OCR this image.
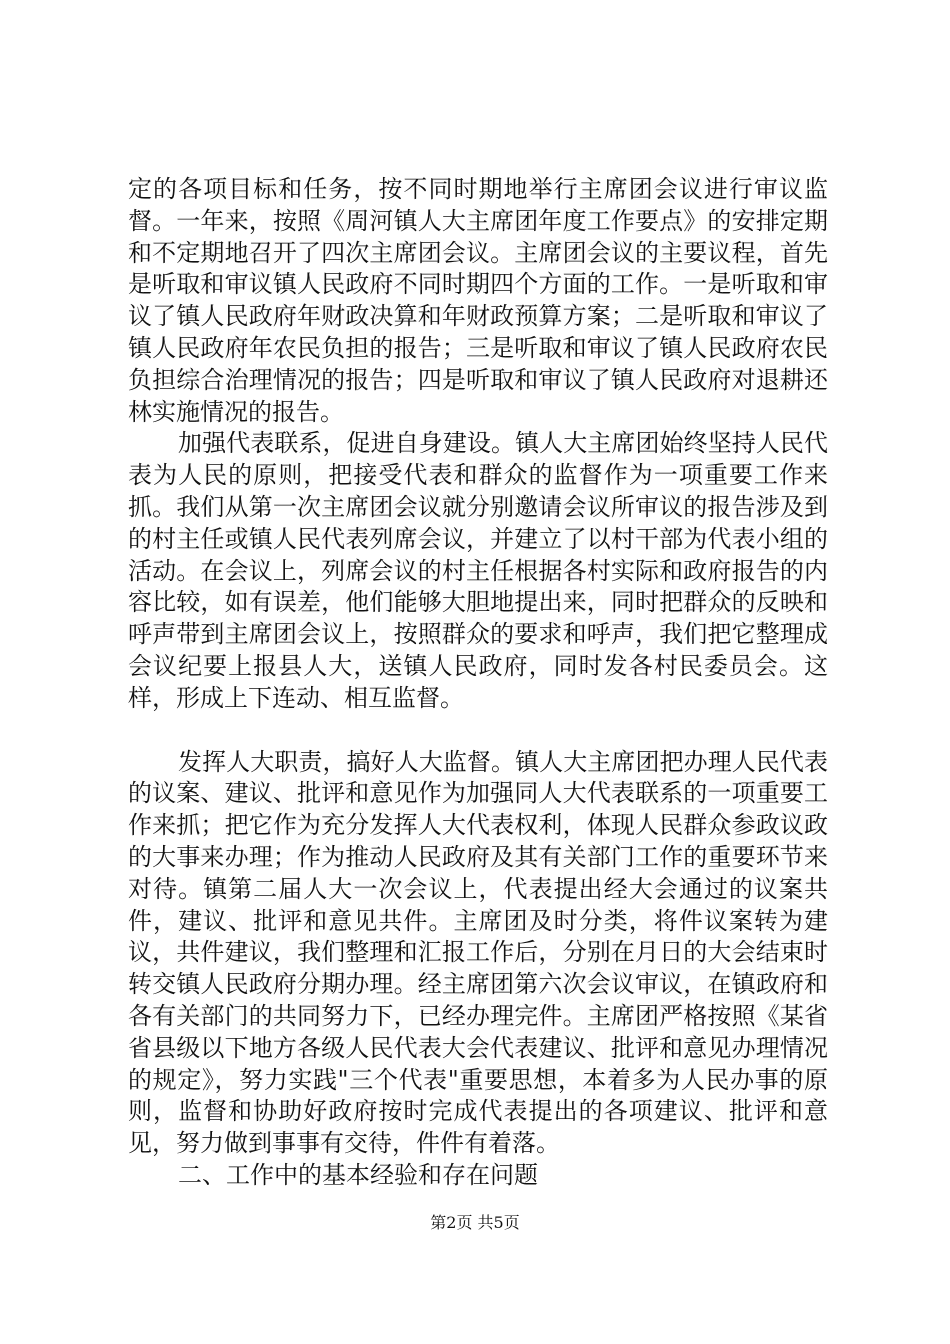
定的各项目标和任务，按不同时期地举行主席团会议进行审议监督。一年来，按照《周河镇人大主席团年度工作要点》的安排定期和不定期地召开了四次主席团会议。主席团会议的主要议程，首先是听取和审议镇人民政府不同时期四个方面的工作。一是听取和审议了镇人民政府年财政决算和年财政预算方案；二是听取和审议了镇人民政府年农民负担的报告；三是听取和审议了镇人民政府农民负担综合治理情况的报告；四是听取和审议了镇人民政府对退耕还林实施情况的报告。

加强代表联系，促进自身建设。镇人大主席团始终坚持人民代表为人民的原则，把接受代表和群众的监督作为一项重要工作来抓。我们从第一次主席团会议就分别邀请会议所审议的报告涉及到的村主任或镇人民代表列席会议，并建立了以村干部为代表小组的活动。在会议上，列席会议的村主任根据各村实际和政府报告的内容比较，如有误差，他们能够大胆地提出来，同时把群众的反映和呼声带到主席团会议上，按照群众的要求和呼声，我们把它整理成会议纪要上报县人大，送镇人民政府，同时发各村民委员会。这样，形成上下连动、相互监督。

发挥人大职责，搞好人大监督。镇人大主席团把办理人民代表的议案、建议、批评和意见作为加强同人大代表联系的一项重要工作来抓；把它作为充分发挥人大代表权利，体现人民群众参政议政的大事来办理；作为推动人民政府及其有关部门工作的重要环节来对待。镇第二届人大一次会议上，代表提出经大会通过的议案共件，建议、批评和意见共件。主席团及时分类，将件议案转为建议，共件建议，我们整理和汇报工作后，分别在月日的大会结束时转交镇人民政府分期办理。经主席团第六次会议审议，在镇政府和各有关部门的共同努力下，已经办理完件。主席团严格按照《某省省县级以下地方各级人民代表大会代表建议、批评和意见办理情况的规定》，努力实践"三个代表"重要思想，本着多为人民办事的原则，监督和协助好政府按时完成代表提出的各项建议、批评和意见，努力做到事事有交待，件件有着落。

二、工作中的基本经验和存在问题

第2页 共5页
